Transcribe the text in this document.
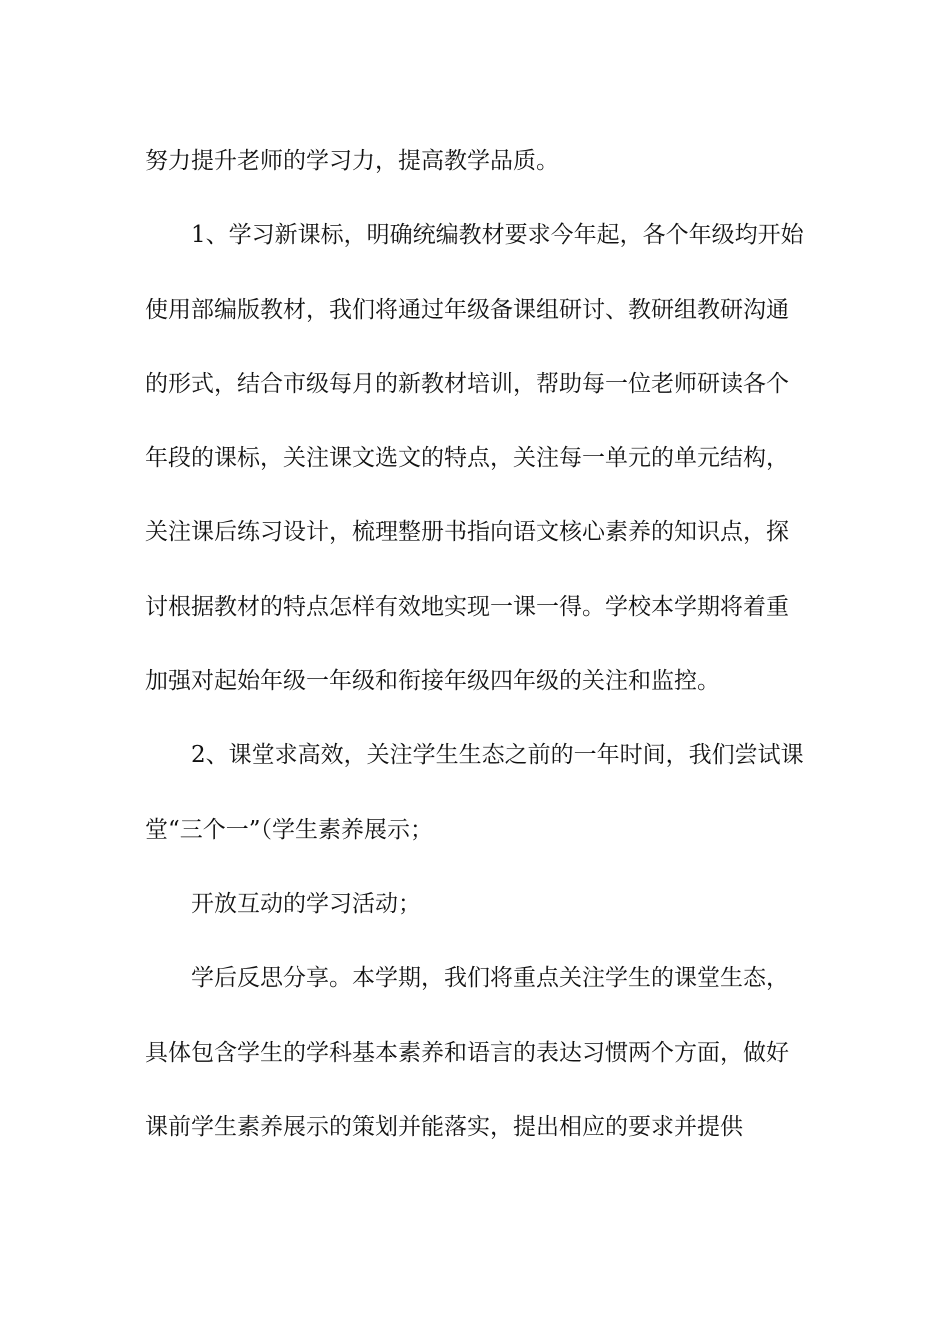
努力提升老师的学习力，提高教学品质。

1、学习新课标，明确统编教材要求今年起，各个年级均开始使用部编版教材，我们将通过年级备课组研讨、教研组教研沟通的形式，结合市级每月的新教材培训，帮助每一位老师研读各个年段的课标，关注课文选文的特点，关注每一单元的单元结构，关注课后练习设计，梳理整册书指向语文核心素养的知识点，探讨根据教材的特点怎样有效地实现一课一得。学校本学期将着重加强对起始年级一年级和衔接年级四年级的关注和监控。

2、课堂求高效，关注学生生态之前的一年时间，我们尝试课堂“三个一”（学生素养展示；

开放互动的学习活动；

学后反思分享。本学期，我们将重点关注学生的课堂生态，具体包含学生的学科基本素养和语言的表达习惯两个方面，做好课前学生素养展示的策划并能落实，提出相应的要求并提供
